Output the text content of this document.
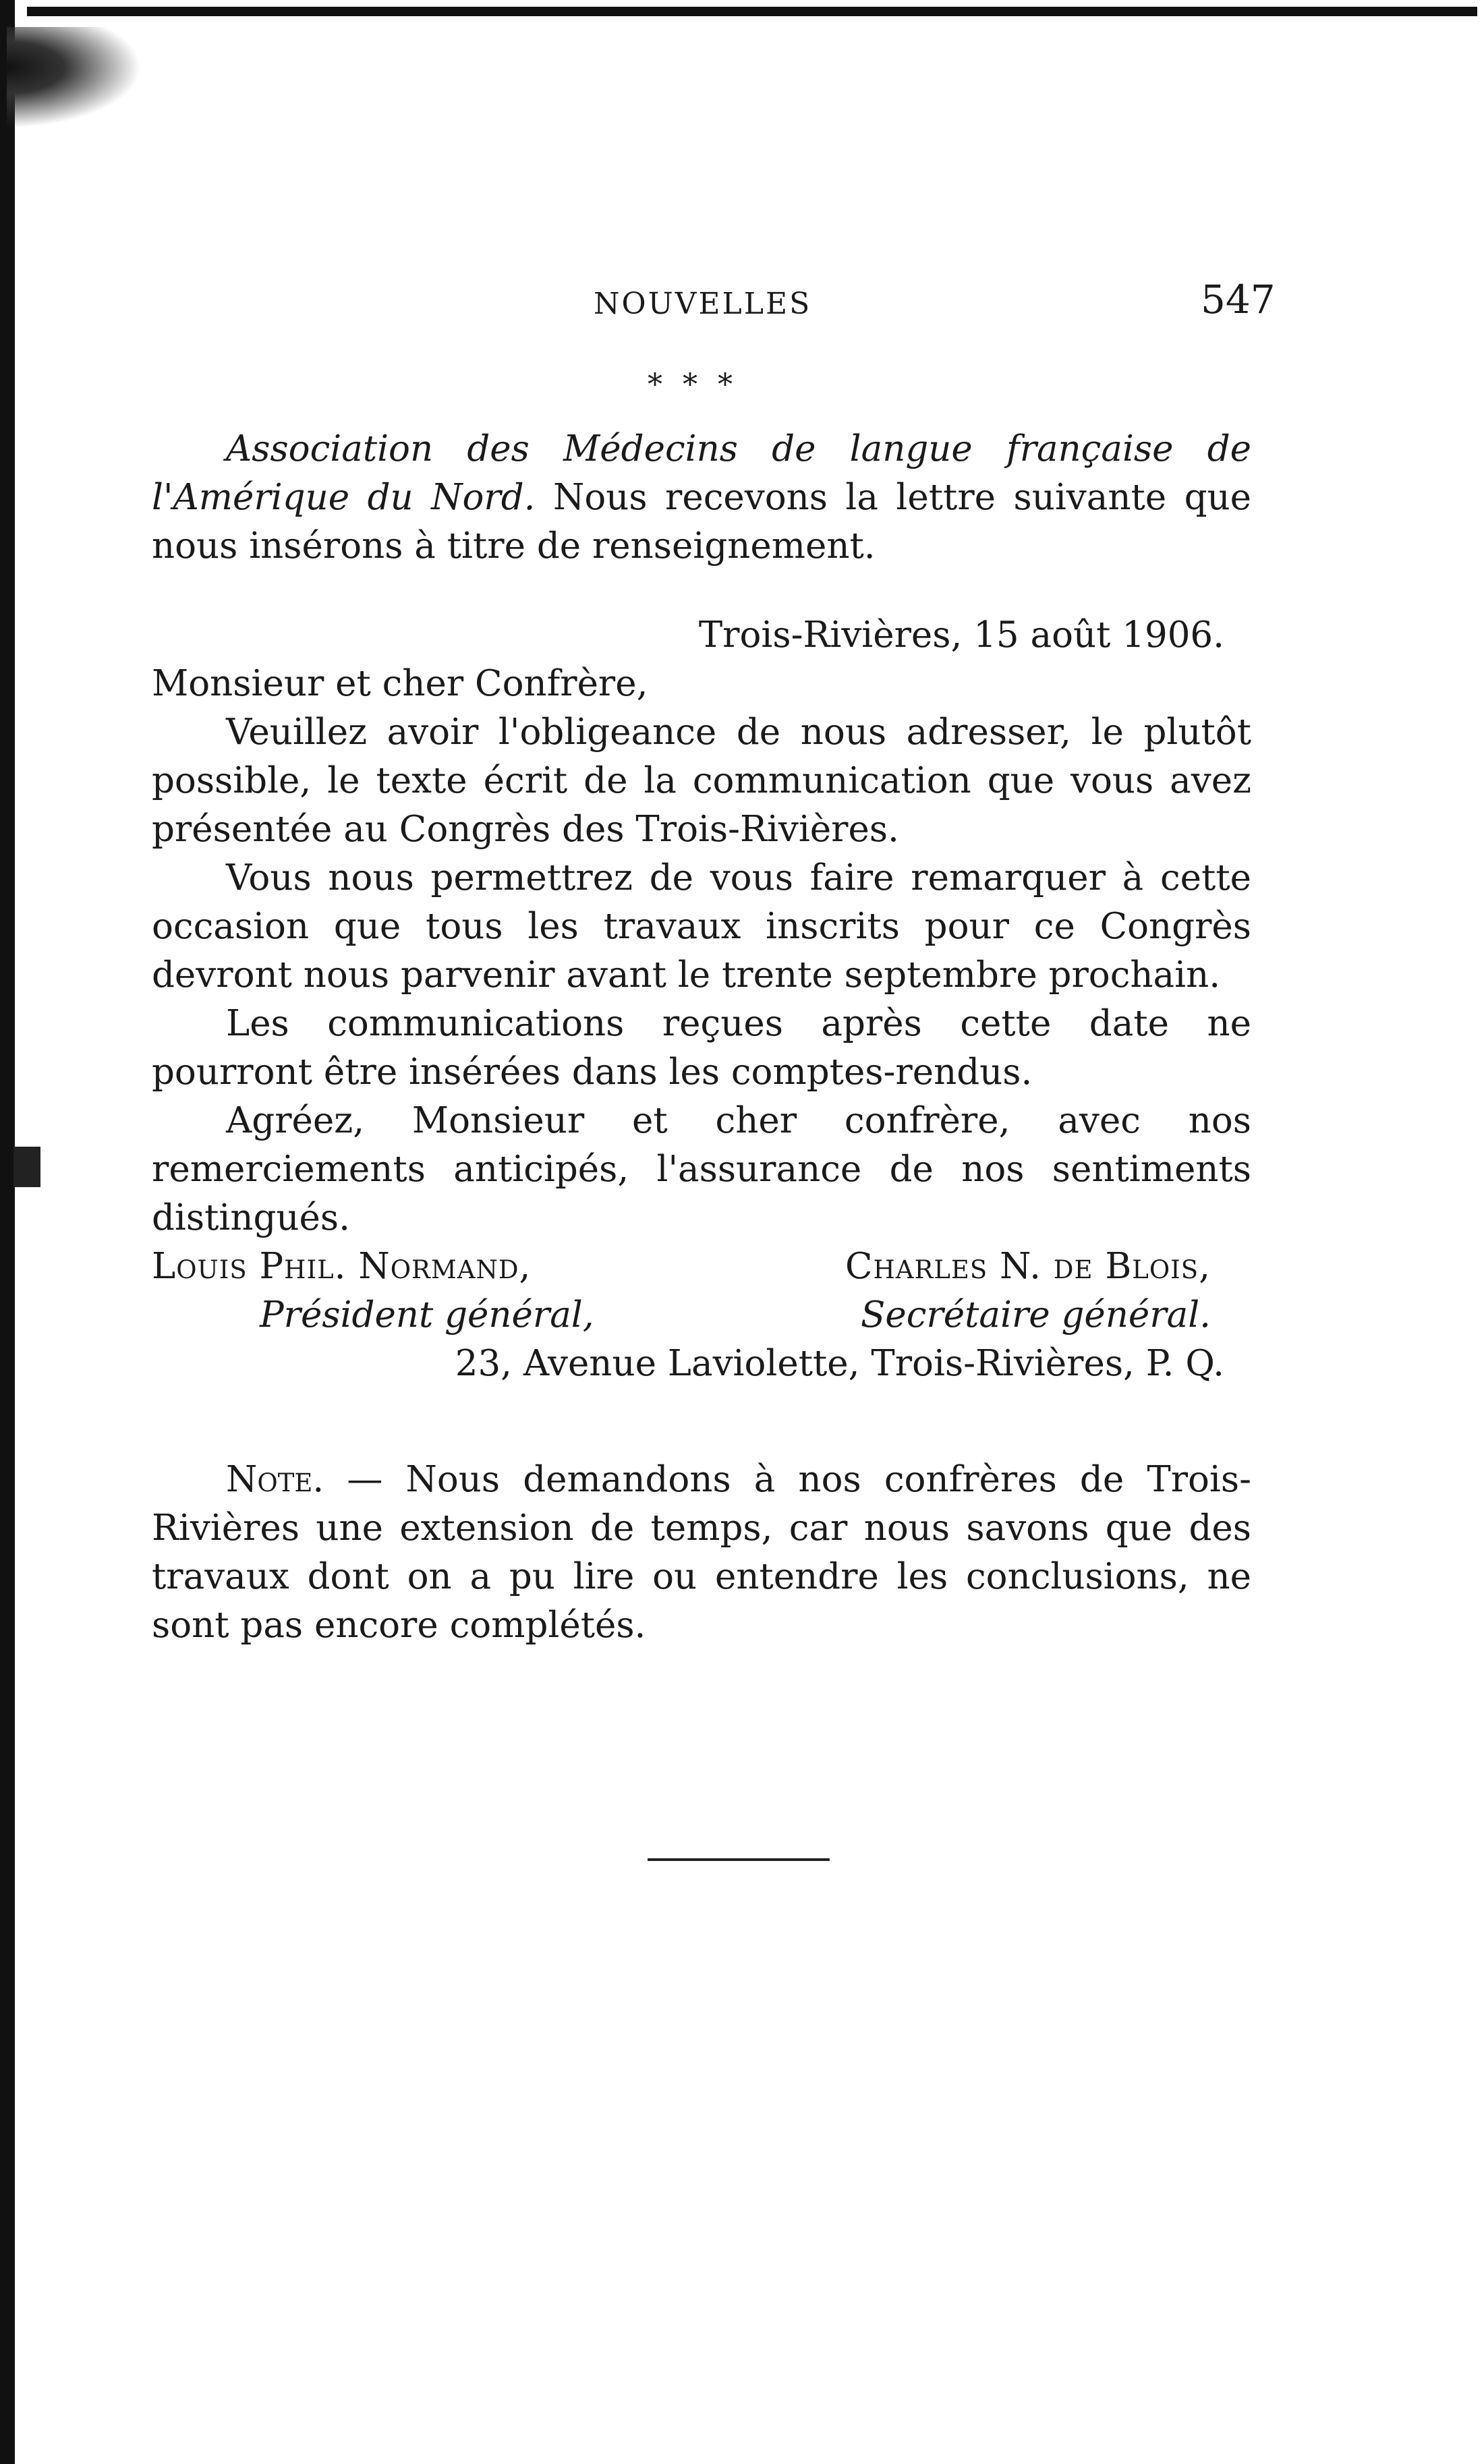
NOUVELLES	547
* * *

Association des Médecins de langue française de l'Amérique du Nord. Nous recevons la lettre suivante que nous insérons à titre de renseignement.

Trois-Rivières, 15 août 1906.

Monsieur et cher Confrère,

Veuillez avoir l'obligeance de nous adresser, le plutôt possible, le texte écrit de la communication que vous avez présentée au Congrès des Trois-Rivières.

Vous nous permettrez de vous faire remarquer à cette occasion que tous les travaux inscrits pour ce Congrès devront nous parvenir avant le trente septembre prochain.

Les communications reçues après cette date ne pourront être insérées dans les comptes-rendus.

Agréez, Monsieur et cher confrère, avec nos remerciements anticipés, l'assurance de nos sentiments distingués.

Louis Phil. Normand,	Charles N. de Blois,
Président général,	Secrétaire général.

23, Avenue Laviolette, Trois-Rivières, P. Q.

Note. — Nous demandons à nos confrères de Trois-Rivières une extension de temps, car nous savons que des travaux dont on a pu lire ou entendre les conclusions, ne sont pas encore complétés.
